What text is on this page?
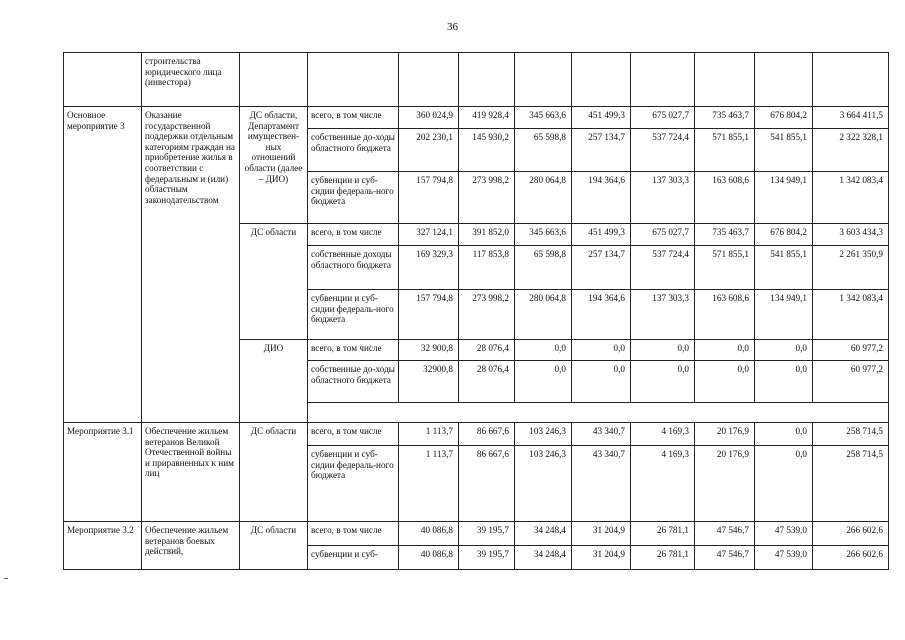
36
	строительства юридического лица (инвестора)										
Основное мероприятие 3	Оказание государственной поддержки отдельным категориям граждан на приобретение жилья в соответствии с федеральным и (или) областным законодательством	ДС области, Департамент имуществен-ных отношений области (далее – ДИО)	всего, в том числе	360 024,9	419 928,4	345 663,6	451 499,3	675 027,7	735 463,7	676 804,2	3 664 411,5
			собственные до-ходы областного бюджета	202 230,1	145 930,2	65 598,8	257 134,7	537 724,4	571 855,1	541 855,1	2 322 328,1
			субвенции и суб-сидии федераль-ного бюджета	157 794,8	273 998,2	280 064,8	194 364,6	137 303,3	163 608,6	134 949,1	1 342 083,4
		ДС области	всего, в том числе	327 124,1	391 852,0	345 663,6	451 499,3	675 027,7	735 463,7	676 804,2	3 603 434,3
			собственные доходы областного бюджета	169 329,3	117 853,8	65 598,8	257 134,7	537 724,4	571 855,1	541 855,1	2 261 350,9
			субвенции и суб-сидии федераль-ного бюджета	157 794,8	273 998,2	280 064,8	194 364,6	137 303,3	163 608,6	134 949,1	1 342 083,4
		ДИО	всего, в том числе	32 900,8	28 076,4	0,0	0,0	0,0	0,0	0,0	60 977,2
			собственные до-ходы областного бюджета	32900,8	28 076,4	0,0	0,0	0,0	0,0	0,0	60 977,2

Мероприятие 3.1	Обеспечение жильем ветеранов Великой Отечественной войны и приравненных к ним лиц	ДС области	всего, в том числе	1 113,7	86 667,6	103 246,3	43 340,7	4 169,3	20 176,9	0,0	258 714,5
			субвенции и суб-сидии федераль-ного бюджета	1 113,7	86 667,6	103 246,3	43 340,7	4 169,3	20 176,9	0,0	258 714,5
Мероприятие 3.2	Обеспечение жильем ветеранов боевых действий,	ДС области	всего, в том числе	40 086,8	39 195,7	34 248,4	31 204,9	26 781,1	47 546,7	47 539,0	266 602,6
			субвенции и суб-	40 086,8	39 195,7	34 248,4	31 204,9	26 781,1	47 546,7	47 539,0	266 602,6
